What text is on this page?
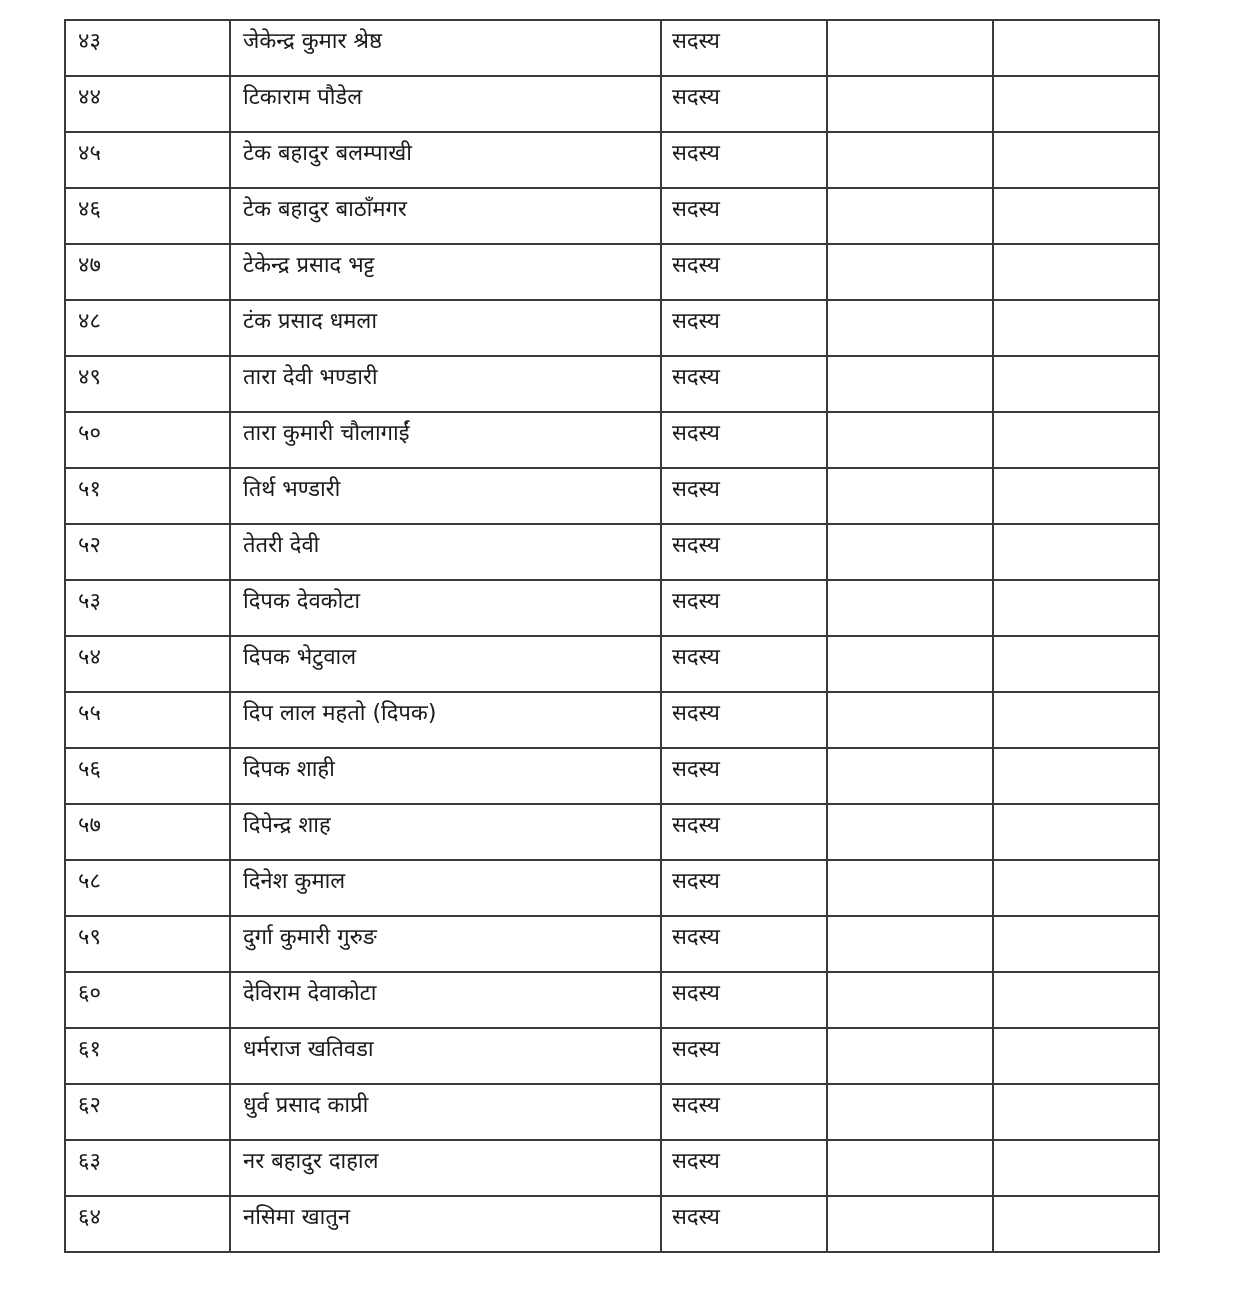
४३	जेकेन्द्र कुमार श्रेष्ठ	सदस्य		

४४	टिकाराम पौडेल	सदस्य		

४५	टेक बहादुर बलम्पाखी	सदस्य		

४६	टेक बहादुर बाठाँमगर	सदस्य		

४७	टेकेन्द्र प्रसाद भट्ट	सदस्य		

४८	टंक प्रसाद धमला	सदस्य		

४९	तारा देवी भण्डारी	सदस्य		

५०	तारा कुमारी चौलागाईं	सदस्य		

५१	तिर्थ भण्डारी	सदस्य		

५२	तेतरी देवी	सदस्य		

५३	दिपक देवकोटा	सदस्य		

५४	दिपक भेटुवाल	सदस्य		

५५	दिप लाल महतो (दिपक)	सदस्य		

५६	दिपक शाही	सदस्य		

५७	दिपेन्द्र शाह	सदस्य		

५८	दिनेश कुमाल	सदस्य		

५९	दुर्गा कुमारी गुरुङ	सदस्य		

६०	देविराम देवाकोटा	सदस्य		

६१	धर्मराज खतिवडा	सदस्य		

६२	धुर्व प्रसाद काप्री	सदस्य		

६३	नर बहादुर दाहाल	सदस्य		

६४	नसिमा खातुन	सदस्य		
